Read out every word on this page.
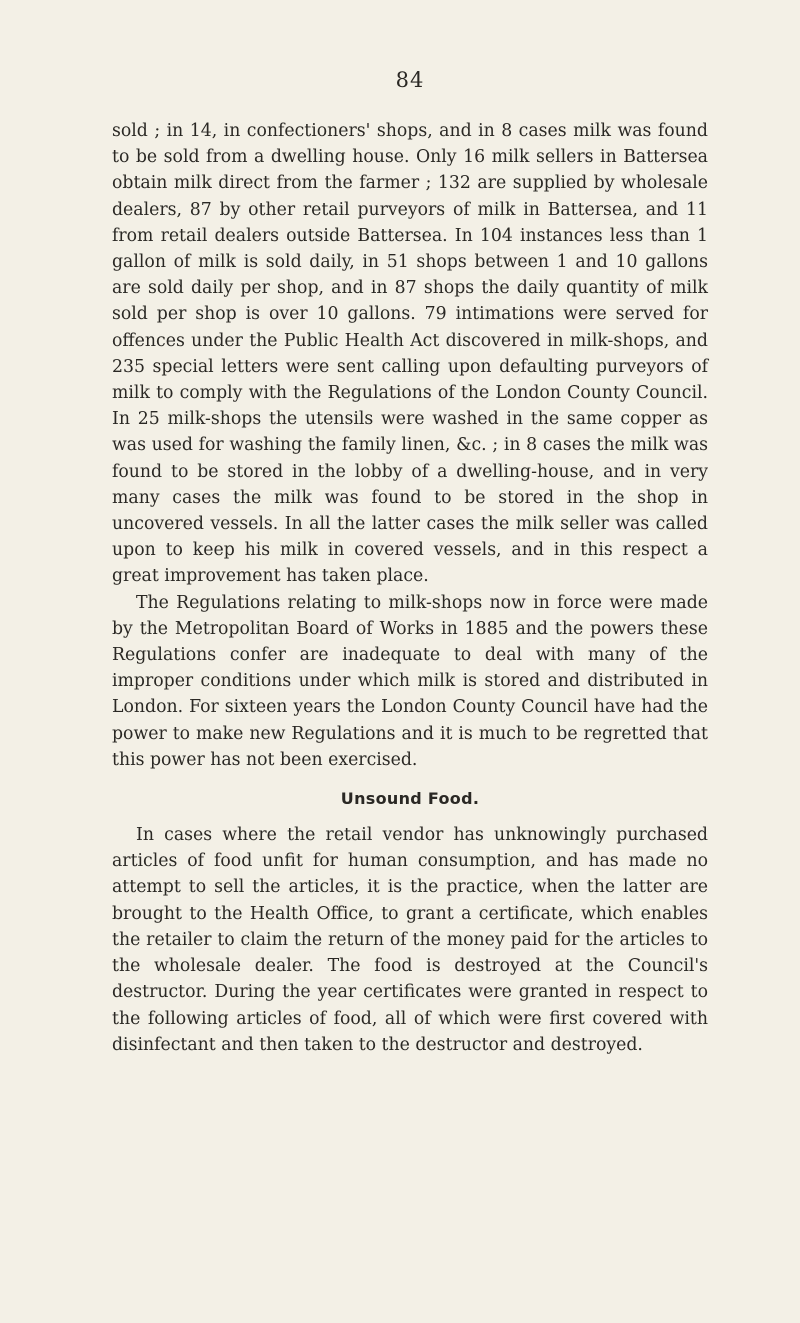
84

sold ; in 14, in confectioners' shops, and in 8 cases milk was found to be sold from a dwelling house. Only 16 milk sellers in Battersea obtain milk direct from the farmer ; 132 are supplied by wholesale dealers, 87 by other retail purveyors of milk in Battersea, and 11 from retail dealers outside Battersea. In 104 instances less than 1 gallon of milk is sold daily, in 51 shops between 1 and 10 gallons are sold daily per shop, and in 87 shops the daily quantity of milk sold per shop is over 10 gallons. 79 intimations were served for offences under the Public Health Act discovered in milk-shops, and 235 special letters were sent calling upon defaulting purveyors of milk to comply with the Regulations of the London County Council. In 25 milk-shops the utensils were washed in the same copper as was used for washing the family linen, &c. ; in 8 cases the milk was found to be stored in the lobby of a dwelling-house, and in very many cases the milk was found to be stored in the shop in uncovered vessels. In all the latter cases the milk seller was called upon to keep his milk in covered vessels, and in this respect a great improvement has taken place.

The Regulations relating to milk-shops now in force were made by the Metropolitan Board of Works in 1885 and the powers these Regulations confer are inadequate to deal with many of the improper conditions under which milk is stored and distributed in London. For sixteen years the London County Council have had the power to make new Regulations and it is much to be regretted that this power has not been exercised.

Unsound Food.

In cases where the retail vendor has unknowingly purchased articles of food unfit for human consumption, and has made no attempt to sell the articles, it is the practice, when the latter are brought to the Health Office, to grant a certificate, which enables the retailer to claim the return of the money paid for the articles to the wholesale dealer. The food is destroyed at the Council's destructor. During the year certificates were granted in respect to the following articles of food, all of which were first covered with disinfectant and then taken to the destructor and destroyed.
